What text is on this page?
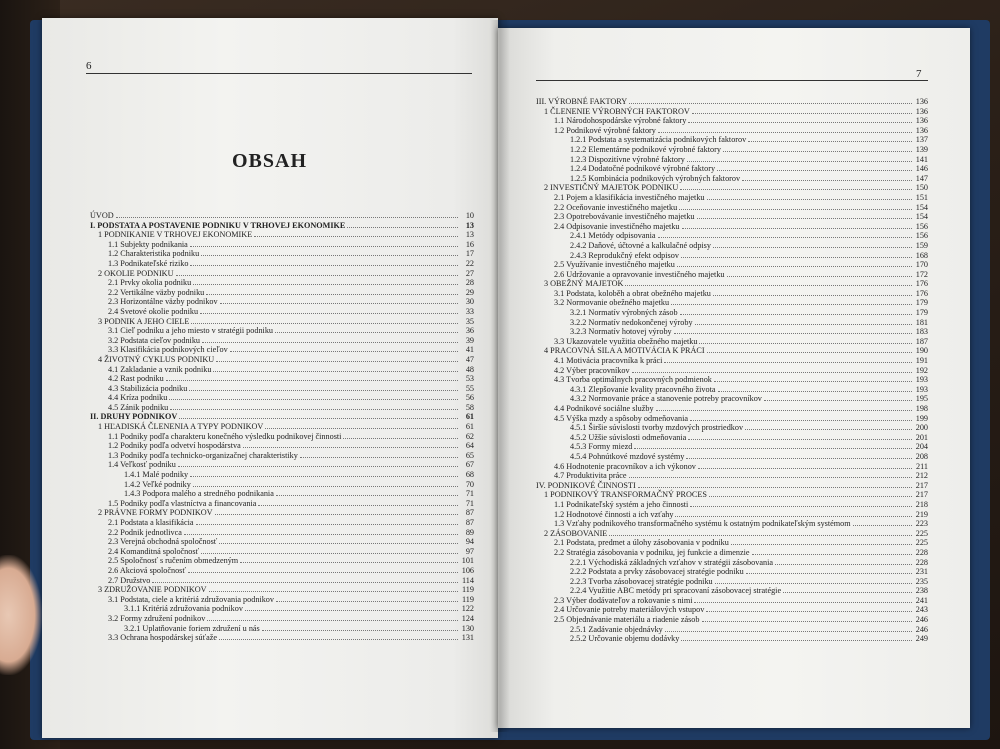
6
OBSAH
ÚVOD	10
I. PODSTATA A POSTAVENIE PODNIKU V TRHOVEJ EKONOMIKE	13
1 PODNIKANIE V TRHOVEJ EKONOMIKE	13
1.1 Subjekty podnikania	16
1.2 Charakteristika podniku	17
1.3 Podnikateľské riziko	22
2 OKOLIE PODNIKU	27
2.1 Prvky okolia podniku	28
2.2 Vertikálne väzby podniku	29
2.3 Horizontálne väzby podnikov	30
2.4 Svetové okolie podniku	33
3 PODNIK A JEHO CIELE	35
3.1 Cieľ podniku a jeho miesto v stratégii podniku	36
3.2 Podstata cieľov podniku	39
3.3 Klasifikácia podnikových cieľov	41
4 ŽIVOTNÝ CYKLUS PODNIKU	47
4.1 Zakladanie a vznik podniku	48
4.2 Rast podniku	53
4.3 Stabilizácia podniku	55
4.4 Kríza podniku	56
4.5 Zánik podniku	58
II. DRUHY PODNIKOV	61
1 HĽADISKÁ ČLENENIA A TYPY PODNIKOV	61
1.1 Podniky podľa charakteru konečného výsledku podnikovej činnosti	62
1.2 Podniky podľa odvetví hospodárstva	64
1.3 Podniky podľa technicko-organizačnej charakteristiky	65
1.4 Veľkosť podniku	67
1.4.1 Malé podniky	68
1.4.2 Veľké podniky	70
1.4.3 Podpora malého a stredného podnikania	71
1.5 Podniky podľa vlastníctva a financovania	71
2 PRÁVNE FORMY PODNIKOV	87
2.1 Podstata a klasifikácia	87
2.2 Podnik jednotlivca	89
2.3 Verejná obchodná spoločnosť	94
2.4 Komanditná spoločnosť	97
2.5 Spoločnosť s ručením obmedzeným	101
2.6 Akciová spoločnosť	106
2.7 Družstvo	114
3 ZDRUŽOVANIE PODNIKOV	119
3.1 Podstata, ciele a kritériá združovania podnikov	119
3.1.1 Kritériá združovania podnikov	122
3.2 Formy združení podnikov	124
3.2.1 Uplatňovanie foriem združení u nás	130
3.3 Ochrana hospodárskej súťaže	131
7
III. VÝROBNÉ FAKTORY	136
1 ČLENENIE VÝROBNÝCH FAKTOROV	136
1.1 Národohospodárske výrobné faktory	136
1.2 Podnikové výrobné faktory	136
1.2.1 Podstata a systematizácia podnikových faktorov	137
1.2.2 Elementárne podnikové výrobné faktory	139
1.2.3 Dispozitívne výrobné faktory	141
1.2.4 Dodatočné podnikové výrobné faktory	146
1.2.5 Kombinácia podnikových výrobných faktorov	147
2 INVESTIČNÝ MAJETOK PODNIKU	150
2.1 Pojem a klasifikácia investičného majetku	151
2.2 Oceňovanie investičného majetku	154
2.3 Opotrebovávanie investičného majetku	154
2.4 Odpisovanie investičného majetku	156
2.4.1 Metódy odpisovania	156
2.4.2 Daňové, účtovné a kalkulačné odpisy	159
2.4.3 Reprodukčný efekt odpisov	168
2.5 Využívanie investičného majetku	170
2.6 Udržovanie a opravovanie investičného majetku	172
3 OBEŽNÝ MAJETOK	176
3.1 Podstata, koloběh a obrat obežného majetku	176
3.2 Normovanie obežného majetku	179
3.2.1 Normatív výrobných zásob	179
3.2.2 Normatív nedokončenej výroby	181
3.2.3 Normatív hotovej výroby	183
3.3 Ukazovatele využitia obežného majetku	187
4 PRACOVNÁ SILA A MOTIVÁCIA K PRÁCI	190
4.1 Motivácia pracovníka k práci	191
4.2 Výber pracovníkov	192
4.3 Tvorba optimálnych pracovných podmienok	193
4.3.1 Zlepšovanie kvality pracovného života	193
4.3.2 Normovanie práce a stanovenie potreby pracovníkov	195
4.4 Podnikové sociálne služby	198
4.5 Výška mzdy a spôsoby odmeňovania	199
4.5.1 Širšie súvislosti tvorby mzdových prostriedkov	200
4.5.2 Užšie súvislosti odmeňovania	201
4.5.3 Formy miezd	204
4.5.4 Pohnútkové mzdové systémy	208
4.6 Hodnotenie pracovníkov a ich výkonov	211
4.7 Produktivita práce	212
IV. PODNIKOVÉ ČINNOSTI	217
1 PODNIKOVÝ TRANSFORMAČNÝ PROCES	217
1.1 Podnikateľský systém a jeho činnosti	218
1.2 Hodnotové činnosti a ich vzťahy	219
1.3 Vzťahy podnikového transformačného systému k ostatným podnikateľským systémom	223
2 ZÁSOBOVANIE	225
2.1 Podstata, predmet a úlohy zásobovania v podniku	225
2.2 Stratégia zásobovania v podniku, jej funkcie a dimenzie	228
2.2.1 Východiská základných vzťahov v stratégii zásobovania	228
2.2.2 Podstata a prvky zásobovacej stratégie podniku	231
2.2.3 Tvorba zásobovacej stratégie podniku	235
2.2.4 Využitie ABC metódy pri spracovaní zásobovacej stratégie	238
2.3 Výber dodávateľov a rokovanie s nimi	241
2.4 Určovanie potreby materiálových vstupov	243
2.5 Objednávanie materiálu a riadenie zásob	246
2.5.1 Zadávanie objednávky	246
2.5.2 Určovanie objemu dodávky	249
